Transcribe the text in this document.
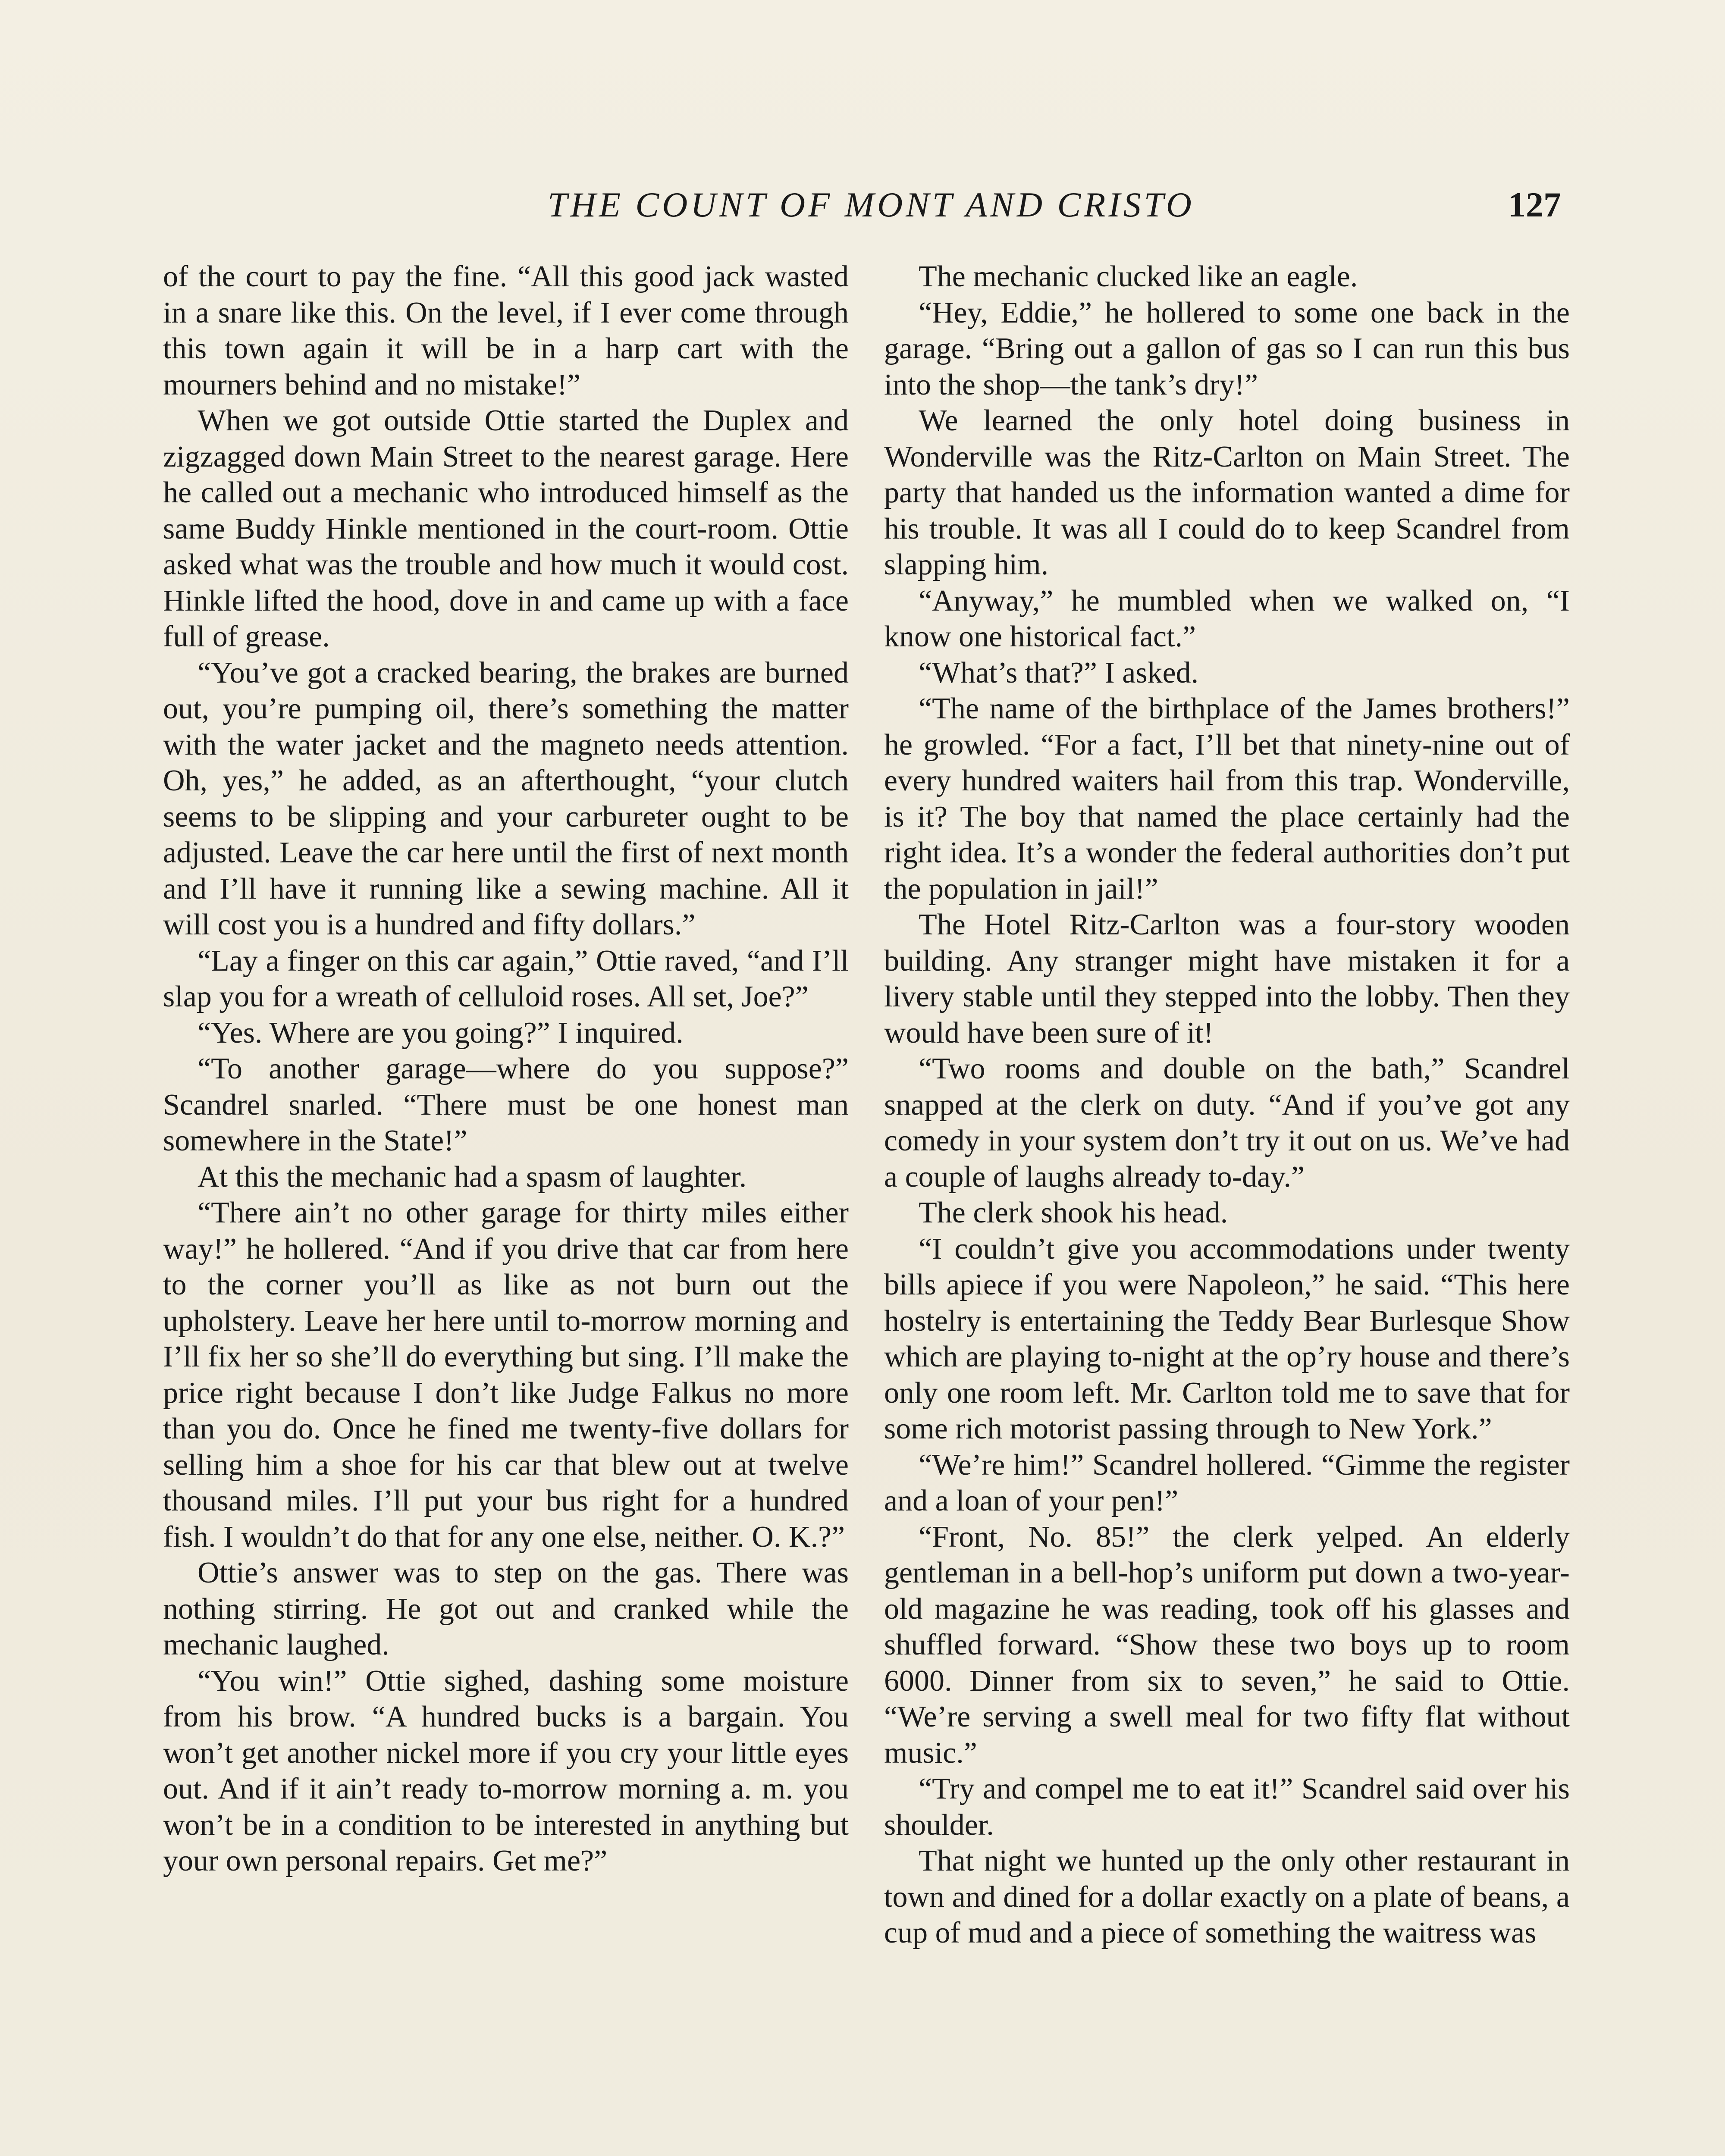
THE COUNT OF MONT AND CRISTO	127

of the court to pay the fine. “All this good jack wasted in a snare like this. On the level, if I ever come through this town again it will be in a harp cart with the mourners behind and no mistake!”

When we got outside Ottie started the Duplex and zigzagged down Main Street to the nearest garage. Here he called out a mechanic who introduced himself as the same Buddy Hinkle mentioned in the court-room. Ottie asked what was the trouble and how much it would cost. Hinkle lifted the hood, dove in and came up with a face full of grease.

“You’ve got a cracked bearing, the brakes are burned out, you’re pumping oil, there’s something the matter with the water jacket and the magneto needs attention. Oh, yes,” he added, as an afterthought, “your clutch seems to be slipping and your carbureter ought to be adjusted. Leave the car here until the first of next month and I’ll have it running like a sewing machine. All it will cost you is a hundred and fifty dollars.”

“Lay a finger on this car again,” Ottie raved, “and I’ll slap you for a wreath of celluloid roses. All set, Joe?”

“Yes. Where are you going?” I inquired.

“To another garage—where do you suppose?” Scandrel snarled. “There must be one honest man somewhere in the State!”

At this the mechanic had a spasm of laughter.

“There ain’t no other garage for thirty miles either way!” he hollered. “And if you drive that car from here to the corner you’ll as like as not burn out the upholstery. Leave her here until to-morrow morning and I’ll fix her so she’ll do everything but sing. I’ll make the price right because I don’t like Judge Falkus no more than you do. Once he fined me twenty-five dollars for selling him a shoe for his car that blew out at twelve thousand miles. I’ll put your bus right for a hundred fish. I wouldn’t do that for any one else, neither. O. K.?”

Ottie’s answer was to step on the gas. There was nothing stirring. He got out and cranked while the mechanic laughed.

“You win!” Ottie sighed, dashing some moisture from his brow. “A hundred bucks is a bargain. You won’t get another nickel more if you cry your little eyes out. And if it ain’t ready to-morrow morning a. m. you won’t be in a condition to be interested in anything but your own personal repairs. Get me?”

The mechanic clucked like an eagle.

“Hey, Eddie,” he hollered to some one back in the garage. “Bring out a gallon of gas so I can run this bus into the shop—the tank’s dry!”

We learned the only hotel doing business in Wonderville was the Ritz-Carlton on Main Street. The party that handed us the information wanted a dime for his trouble. It was all I could do to keep Scandrel from slapping him.

“Anyway,” he mumbled when we walked on, “I know one historical fact.”

“What’s that?” I asked.

“The name of the birthplace of the James brothers!” he growled. “For a fact, I’ll bet that ninety-nine out of every hundred waiters hail from this trap. Wonderville, is it? The boy that named the place certainly had the right idea. It’s a wonder the federal authorities don’t put the population in jail!”

The Hotel Ritz-Carlton was a four-story wooden building. Any stranger might have mistaken it for a livery stable until they stepped into the lobby. Then they would have been sure of it!

“Two rooms and double on the bath,” Scandrel snapped at the clerk on duty. “And if you’ve got any comedy in your system don’t try it out on us. We’ve had a couple of laughs already to-day.”

The clerk shook his head.

“I couldn’t give you accommodations under twenty bills apiece if you were Napoleon,” he said. “This here hostelry is entertaining the Teddy Bear Burlesque Show which are playing to-night at the op’ry house and there’s only one room left. Mr. Carlton told me to save that for some rich motorist passing through to New York.”

“We’re him!” Scandrel hollered. “Gimme the register and a loan of your pen!”

“Front, No. 85!” the clerk yelped. An elderly gentleman in a bell-hop’s uniform put down a two-year-old magazine he was reading, took off his glasses and shuffled forward. “Show these two boys up to room 6000. Dinner from six to seven,” he said to Ottie. “We’re serving a swell meal for two fifty flat without music.”

“Try and compel me to eat it!” Scandrel said over his shoulder.

That night we hunted up the only other restaurant in town and dined for a dollar exactly on a plate of beans, a cup of mud and a piece of something the waitress was
